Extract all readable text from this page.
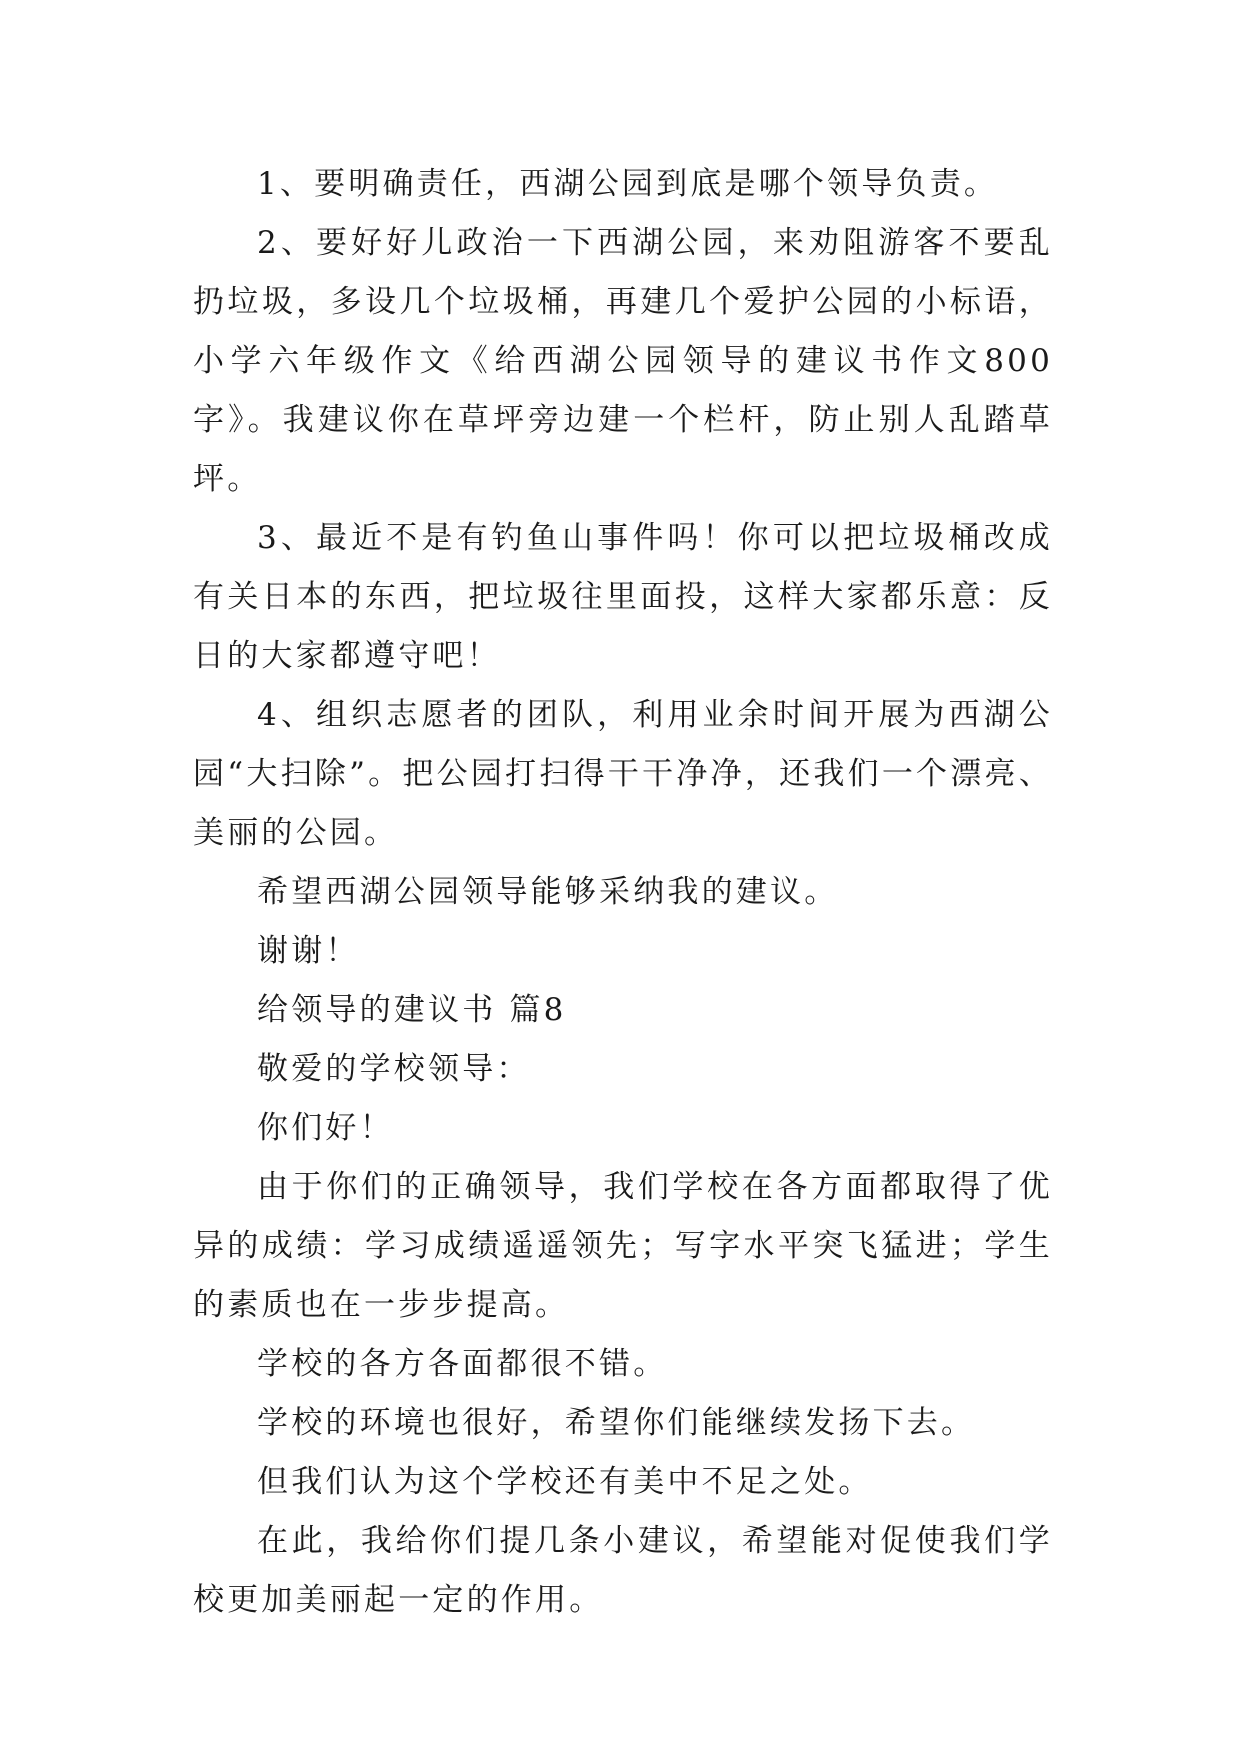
1、要明确责任，西湖公园到底是哪个领导负责。

2、要好好儿政治一下西湖公园，来劝阻游客不要乱扔垃圾，多设几个垃圾桶，再建几个爱护公园的小标语，小学六年级作文《给西湖公园领导的建议书作文800字》。我建议你在草坪旁边建一个栏杆，防止别人乱踏草坪。

3、最近不是有钓鱼山事件吗！你可以把垃圾桶改成有关日本的东西，把垃圾往里面投，这样大家都乐意：反日的大家都遵守吧！

4、组织志愿者的团队，利用业余时间开展为西湖公园“大扫除”。把公园打扫得干干净净，还我们一个漂亮、美丽的公园。

希望西湖公园领导能够采纳我的建议。

谢谢！

给领导的建议书 篇8

敬爱的学校领导：

你们好！

由于你们的正确领导，我们学校在各方面都取得了优异的成绩：学习成绩遥遥领先；写字水平突飞猛进；学生的素质也在一步步提高。

学校的各方各面都很不错。

学校的环境也很好，希望你们能继续发扬下去。

但我们认为这个学校还有美中不足之处。

在此，我给你们提几条小建议，希望能对促使我们学校更加美丽起一定的作用。
